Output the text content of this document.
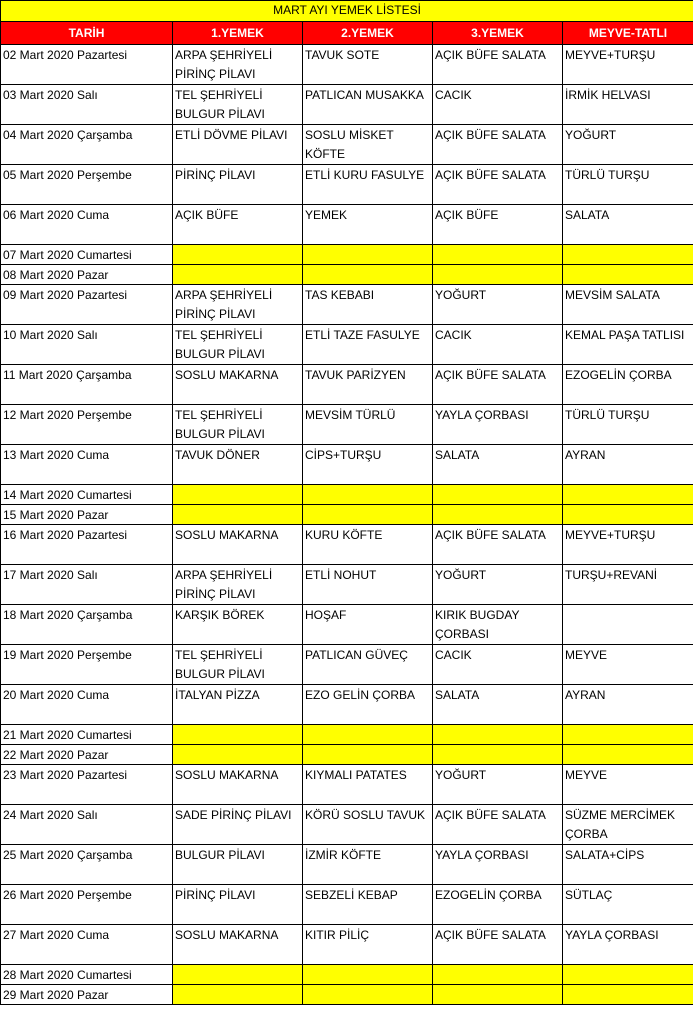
MART AYI YEMEK LİSTESİ				
TARİH	1.YEMEK	2.YEMEK	3.YEMEK	MEYVE-TATLI
02 Mart 2020 Pazartesi	ARPA ŞEHRİYELİ PİRİNÇ PİLAVI	TAVUK SOTE	AÇIK BÜFE SALATA	MEYVE+TURŞU
03 Mart 2020 Salı	TEL ŞEHRİYELİ BULGUR PİLAVI	PATLICAN MUSAKKA	CACIK	İRMİK HELVASI
04 Mart 2020 Çarşamba	ETLİ DÖVME PİLAVI	SOSLU MİSKET KÖFTE	AÇIK BÜFE SALATA	YOĞURT
05 Mart 2020 Perşembe	PİRİNÇ PİLAVI	ETLİ KURU FASULYE	AÇIK BÜFE SALATA	TÜRLÜ TURŞU
06 Mart 2020 Cuma	AÇIK BÜFE	YEMEK	AÇIK BÜFE	SALATA
07 Mart 2020 Cumartesi				
08 Mart 2020 Pazar				
09 Mart 2020 Pazartesi	ARPA ŞEHRİYELİ PİRİNÇ PİLAVI	TAS KEBABI	YOĞURT	MEVSİM SALATA
10 Mart 2020 Salı	TEL ŞEHRİYELİ BULGUR PİLAVI	ETLİ TAZE FASULYE	CACIK	KEMAL PAŞA TATLISI
11 Mart 2020 Çarşamba	SOSLU MAKARNA	TAVUK PARİZYEN	AÇIK BÜFE SALATA	EZOGELİN ÇORBA
12 Mart 2020 Perşembe	TEL ŞEHRİYELİ BULGUR PİLAVI	MEVSİM TÜRLÜ	YAYLA ÇORBASI	TÜRLÜ TURŞU
13 Mart 2020 Cuma	TAVUK DÖNER	CİPS+TURŞU	SALATA	AYRAN
14 Mart 2020 Cumartesi				
15 Mart 2020 Pazar				
16 Mart 2020 Pazartesi	SOSLU MAKARNA	KURU KÖFTE	AÇIK BÜFE SALATA	MEYVE+TURŞU
17 Mart 2020 Salı	ARPA ŞEHRİYELİ PİRİNÇ PİLAVI	ETLİ NOHUT	YOĞURT	TURŞU+REVANİ
18 Mart 2020 Çarşamba	KARŞIK BÖREK	HOŞAF	KIRIK BUGDAY ÇORBASI	
19 Mart 2020 Perşembe	TEL ŞEHRİYELİ BULGUR PİLAVI	PATLICAN GÜVEÇ	CACIK	MEYVE
20 Mart 2020 Cuma	İTALYAN PİZZA	EZO GELİN ÇORBA	SALATA	AYRAN
21 Mart 2020 Cumartesi				
22 Mart 2020 Pazar				
23 Mart 2020 Pazartesi	SOSLU MAKARNA	KIYMALI PATATES	YOĞURT	MEYVE
24 Mart 2020 Salı	SADE PİRİNÇ PİLAVI	KÖRÜ SOSLU TAVUK	AÇIK BÜFE SALATA	SÜZME MERCİMEK ÇORBA
25 Mart 2020 Çarşamba	BULGUR PİLAVI	İZMİR KÖFTE	YAYLA ÇORBASI	SALATA+CİPS
26 Mart 2020 Perşembe	PİRİNÇ PİLAVI	SEBZELİ KEBAP	EZOGELİN ÇORBA	SÜTLAÇ
27 Mart 2020 Cuma	SOSLU MAKARNA	KITIR PİLİÇ	AÇIK BÜFE SALATA	YAYLA ÇORBASI
28 Mart 2020 Cumartesi				
29 Mart 2020 Pazar				
